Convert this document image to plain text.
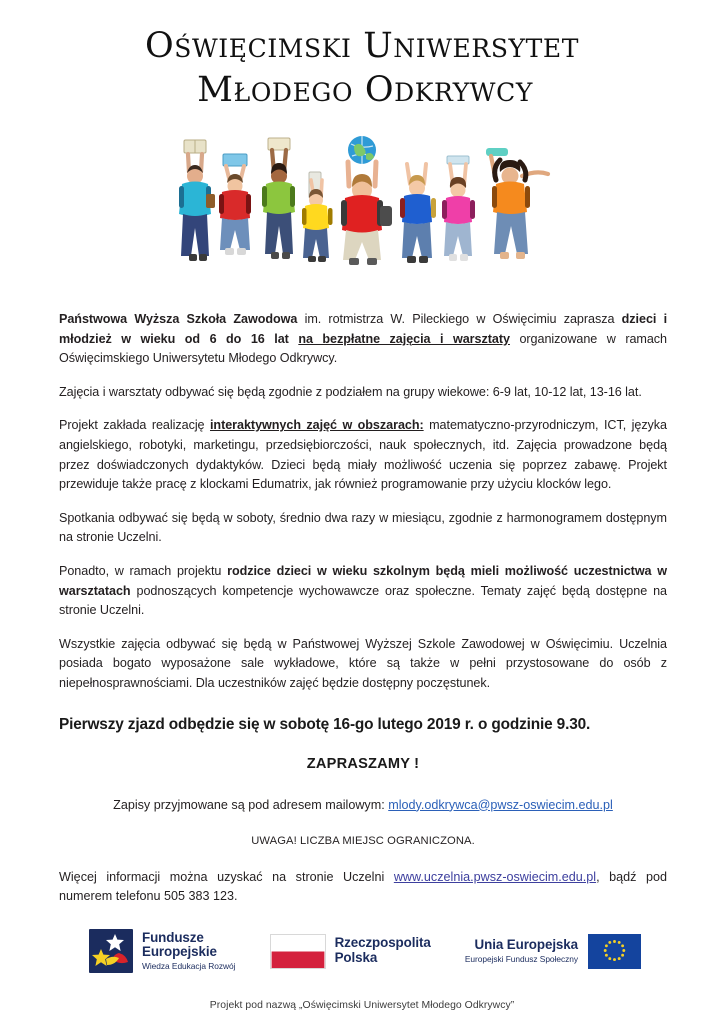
Oświęcimski Uniwersytet
Młodego Odkrywcy

Państwowa Wyższa Szkoła Zawodowa im. rotmistrza W. Pileckiego w Oświęcimiu zaprasza dzieci i młodzież w wieku od 6 do 16 lat na bezpłatne zajęcia i warsztaty organizowane w ramach Oświęcimskiego Uniwersytetu Młodego Odkrywcy.

Zajęcia i warsztaty odbywać się będą zgodnie z podziałem na grupy wiekowe: 6-9 lat, 10-12 lat, 13-16 lat.

Projekt zakłada realizację interaktywnych zajęć w obszarach: matematyczno-przyrodniczym, ICT, języka angielskiego, robotyki, marketingu, przedsiębiorczości, nauk społecznych, itd. Zajęcia prowadzone będą przez doświadczonych dydaktyków. Dzieci będą miały możliwość uczenia się poprzez zabawę. Projekt przewiduje także pracę z klockami Edumatrix, jak również programowanie przy użyciu klocków lego.

Spotkania odbywać się będą w soboty, średnio dwa razy w miesiącu, zgodnie z harmonogramem dostępnym na stronie Uczelni.

Ponadto, w ramach projektu rodzice dzieci w wieku szkolnym będą mieli możliwość uczestnictwa w warsztatach podnoszących kompetencje wychowawcze oraz społeczne. Tematy zajęć będą dostępne na stronie Uczelni.

Wszystkie zajęcia odbywać się będą w Państwowej Wyższej Szkole Zawodowej w Oświęcimiu. Uczelnia posiada bogato wyposażone sale wykładowe, które są także w pełni przystosowane do osób z niepełnosprawnościami. Dla uczestników zajęć będzie dostępny poczęstunek.

Pierwszy zjazd odbędzie się w sobotę 16-go lutego 2019 r. o godzinie 9.30.

ZAPRASZAMY !

Zapisy przyjmowane są pod adresem mailowym: mlody.odkrywca@pwsz-oswiecim.edu.pl

UWAGA! LICZBA MIEJSC OGRANICZONA.

Więcej informacji można uzyskać na stronie Uczelni www.uczelnia.pwsz-oswiecim.edu.pl, bądź pod numerem telefonu 505 383 123.

Fundusze
Europejskie
Wiedza Edukacja Rozwój
Rzeczpospolita
Polska
Unia Europejska
Europejski Fundusz Społeczny
Projekt pod nazwą „Oświęcimski Uniwersytet Młodego Odkrywcy”
